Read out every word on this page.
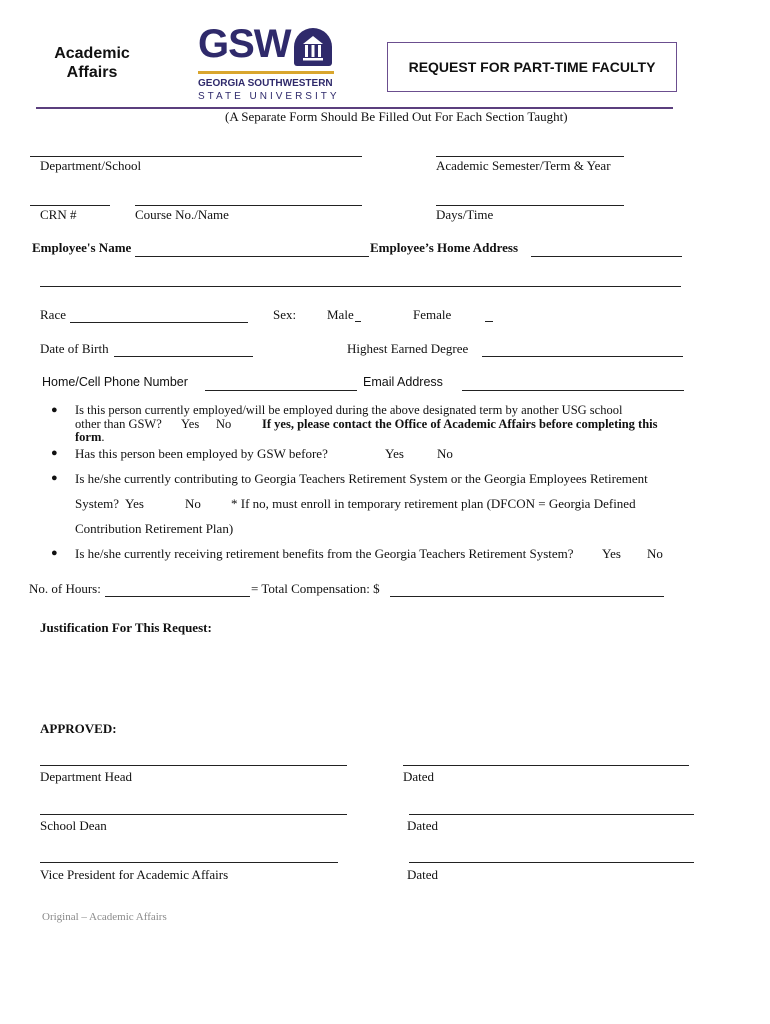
Academic
Affairs
GSW
GEORGIA SOUTHWESTERN
STATE UNIVERSITY
REQUEST FOR PART-TIME FACULTY
(A Separate Form Should Be Filled Out For Each Section Taught)
Department/School	Academic Semester/Term & Year
CRN #	Course No./Name	Days/Time
Employee's Name	Employee’s Home Address
Race	Sex: Male	Female
Date of Birth	Highest Earned Degree
Home/Cell Phone Number	Email Address
● Is this person currently employed/will be employed during the above designated term by another USG school
other than GSW? Yes No If yes, please contact the Office of Academic Affairs before completing this
form.
● Has this person been employed by GSW before?	Yes	No
● Is he/she currently contributing to Georgia Teachers Retirement System or the Georgia Employees Retirement
System? Yes	No * If no, must enroll in temporary retirement plan (DFCON = Georgia Defined
Contribution Retirement Plan)
● Is he/she currently receiving retirement benefits from the Georgia Teachers Retirement System? Yes No
No. of Hours:	= Total Compensation: $
Justification For This Request:
APPROVED:
Department Head	Dated
School Dean	Dated
Vice President for Academic Affairs	Dated
Original – Academic Affairs
